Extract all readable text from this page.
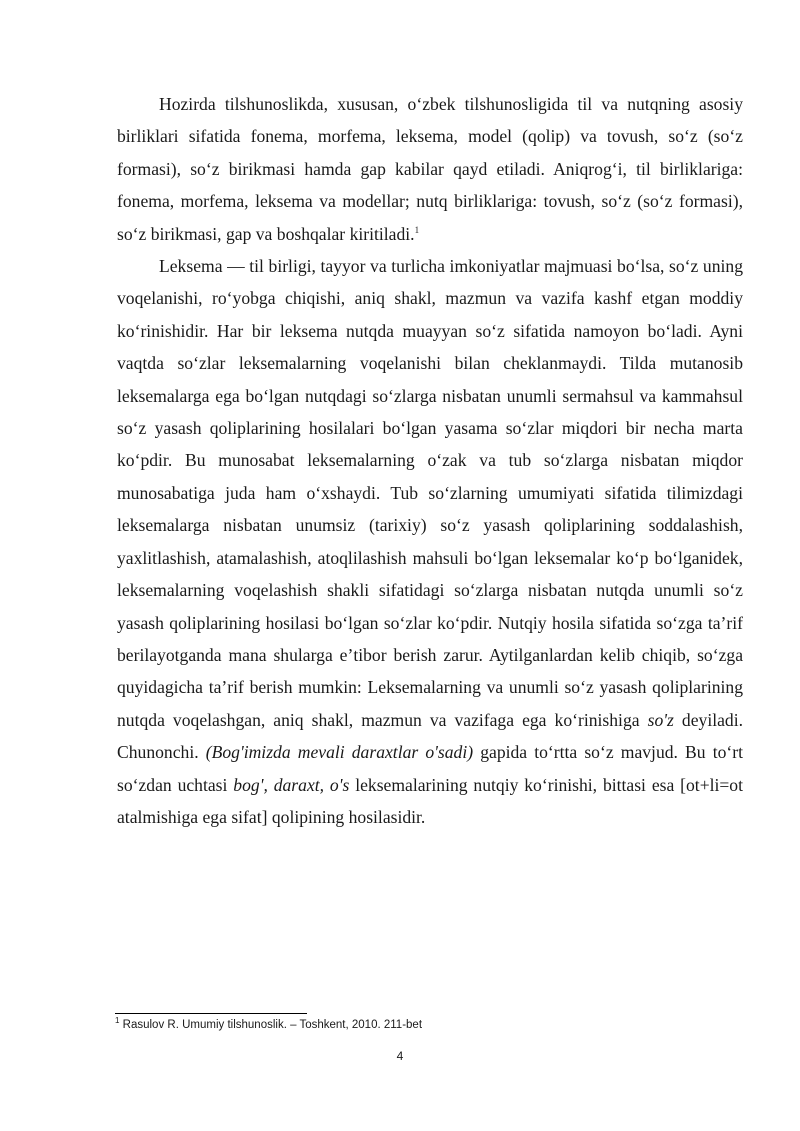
Hozirda tilshunoslikda, xususan, oʻzbek tilshunosligida til va nutqning asosiy birliklari sifatida fonema, morfema, leksema, model (qolip) va tovush, soʻz (soʻz formasi), soʻz birikmasi hamda gap kabilar qayd etiladi. Aniqrogʻi, til birliklariga: fonema, morfema, leksema va modellar; nutq birliklariga: tovush, soʻz (soʻz formasi), soʻz birikmasi, gap va boshqalar kiritiladi.$^1$

Leksema — til birligi, tayyor va turlicha imkoniyatlar majmuasi boʻlsa, soʻz uning voqelanishi, roʻyobga chiqishi, aniq shakl, mazmun va vazifa kashf etgan moddiy koʻrinishidir. Har bir leksema nutqda muayyan soʻz sifatida namoyon boʻladi. Ayni vaqtda soʻzlar leksemalarning voqelanishi bilan cheklanmaydi. Tilda mutanosib leksemalarga ega boʻlgan nutqdagi soʻzlarga nisbatan unumli sermahsul va kammahsul soʻz yasash qoliplarining hosilalari boʻlgan yasama soʻzlar miqdori bir necha marta koʻpdir. Bu munosabat leksemalarning oʻzak va tub soʻzlarga nisbatan miqdor munosabatiga juda ham oʻxshaydi. Tub soʻzlarning umumiyati sifatida tilimizdagi leksemalarga nisbatan unumsiz (tarixiy) soʻz yasash qoliplarining soddalashish, yaxlitlashish, atamalashish, atoqlilashish mahsuli boʻlgan leksemalar koʻp boʻlganidek, leksemalarning voqelashish shakli sifatidagi soʻzlarga nisbatan nutqda unumli soʻz yasash qoliplarining hosilasi boʻlgan soʻzlar koʻpdir. Nutqiy hosila sifatida soʻzga taʼrif berilayotganda mana shularga eʼtibor berish zarur. Aytilganlardan kelib chiqib, soʻzga quyidagicha taʼrif berish mumkin: Leksemalarning va unumli soʻz yasash qoliplarining nutqda voqelashgan, aniq shakl, mazmun va vazifaga ega koʻrinishiga so'z deyiladi. Chunonchi. (Bog'imizda mevali daraxtlar o'sadi) gapida toʻrtta soʻz mavjud. Bu toʻrt soʻzdan uchtasi bog', daraxt, o's leksemalarining nutqiy koʻrinishi, bittasi esa [ot+li=ot atalmishiga ega sifat] qolipining hosilasidir.

$^1$ Rasulov R. Umumiy tilshunoslik. – Toshkent, 2010. 211-bet
4
